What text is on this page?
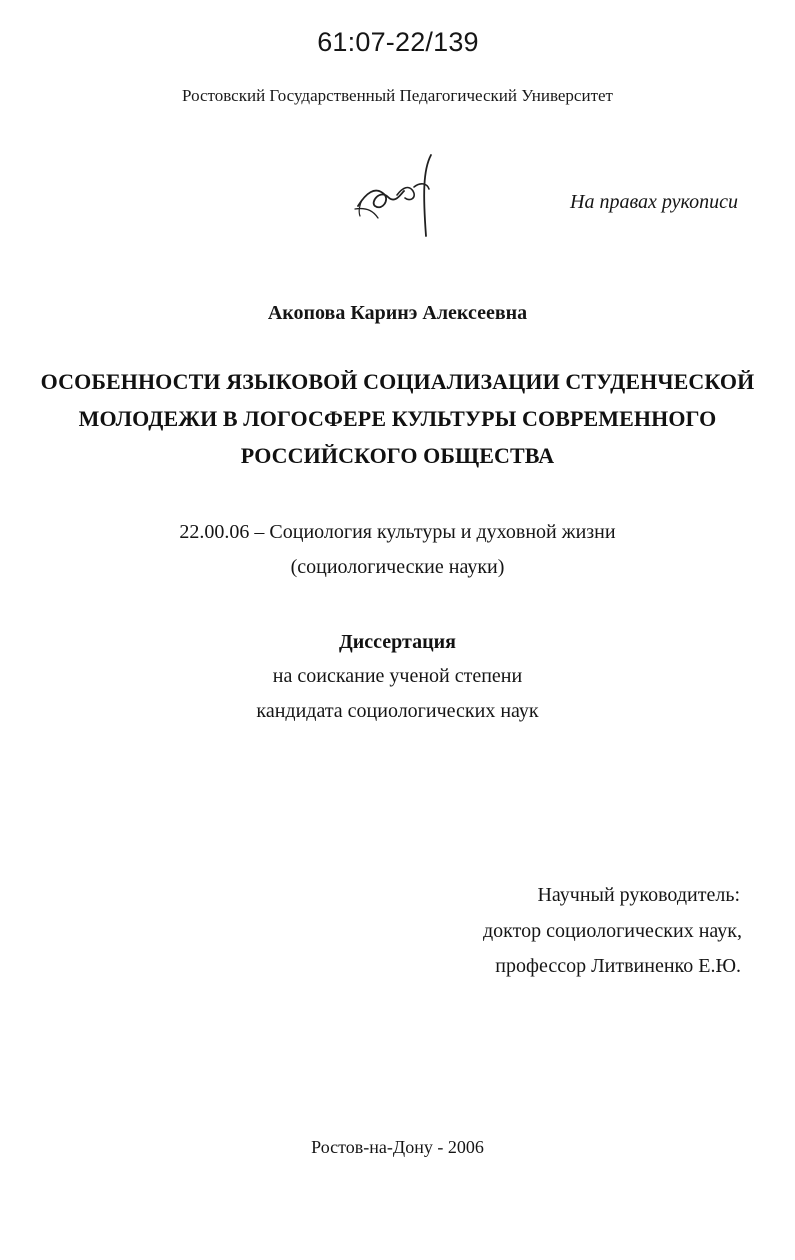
61:07-22/139
Ростовский Государственный Педагогический Университет
На правах рукописи
Акопова Каринэ Алексеевна
ОСОБЕННОСТИ ЯЗЫКОВОЙ СОЦИАЛИЗАЦИИ СТУДЕНЧЕСКОЙ
МОЛОДЕЖИ В ЛОГОСФЕРЕ КУЛЬТУРЫ СОВРЕМЕННОГО
РОССИЙСКОГО ОБЩЕСТВА
22.00.06 – Социология культуры и духовной жизни
(социологические науки)
Диссертация
на соискание ученой степени
кандидата социологических наук
Научный руководитель:
доктор социологических наук,
профессор Литвиненко Е.Ю.
Ростов-на-Дону - 2006
